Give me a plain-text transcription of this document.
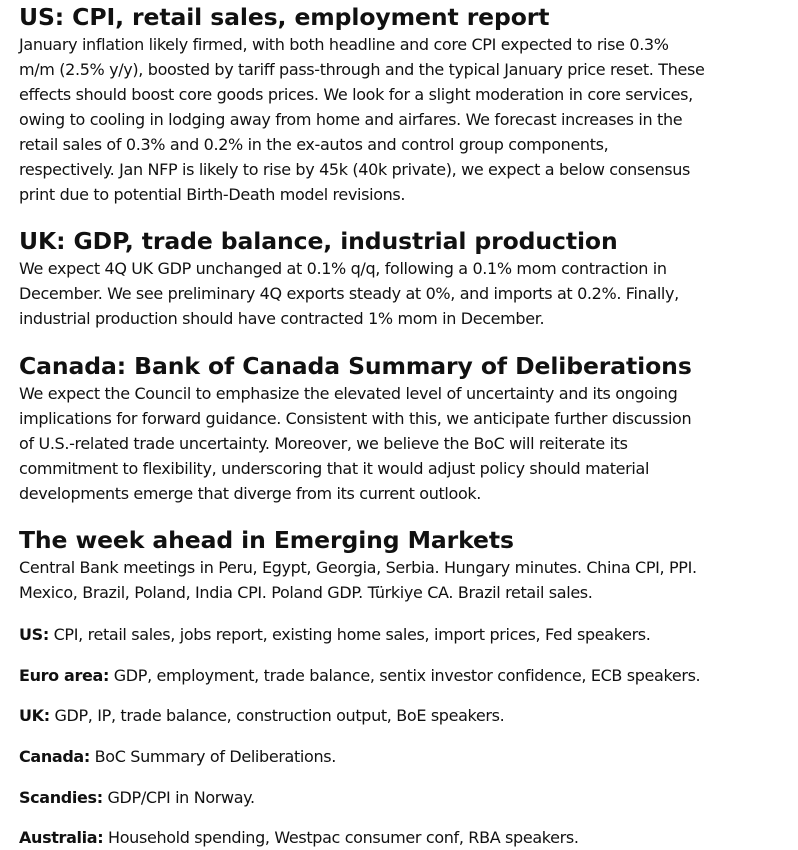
US: CPI, retail sales, employment report
January inflation likely firmed, with both headline and core CPI expected to rise 0.3%
m/m (2.5% y/y), boosted by tariff pass-through and the typical January price reset. These
effects should boost core goods prices. We look for a slight moderation in core services,
owing to cooling in lodging away from home and airfares. We forecast increases in the
retail sales of 0.3% and 0.2% in the ex-autos and control group components,
respectively. Jan NFP is likely to rise by 45k (40k private), we expect a below consensus
print due to potential Birth-Death model revisions.
UK: GDP, trade balance, industrial production
We expect 4Q UK GDP unchanged at 0.1% q/q, following a 0.1% mom contraction in
December. We see preliminary 4Q exports steady at 0%, and imports at 0.2%. Finally,
industrial production should have contracted 1% mom in December.
Canada: Bank of Canada Summary of Deliberations
We expect the Council to emphasize the elevated level of uncertainty and its ongoing
implications for forward guidance. Consistent with this, we anticipate further discussion
of U.S.-related trade uncertainty. Moreover, we believe the BoC will reiterate its
commitment to flexibility, underscoring that it would adjust policy should material
developments emerge that diverge from its current outlook.
The week ahead in Emerging Markets
Central Bank meetings in Peru, Egypt, Georgia, Serbia. Hungary minutes. China CPI, PPI.
Mexico, Brazil, Poland, India CPI. Poland GDP. Türkiye CA. Brazil retail sales.

US: CPI, retail sales, jobs report, existing home sales, import prices, Fed speakers.

Euro area: GDP, employment, trade balance, sentix investor confidence, ECB speakers.

UK: GDP, IP, trade balance, construction output, BoE speakers.

Canada: BoC Summary of Deliberations.

Scandies: GDP/CPI in Norway.

Australia: Household spending, Westpac consumer conf, RBA speakers.
